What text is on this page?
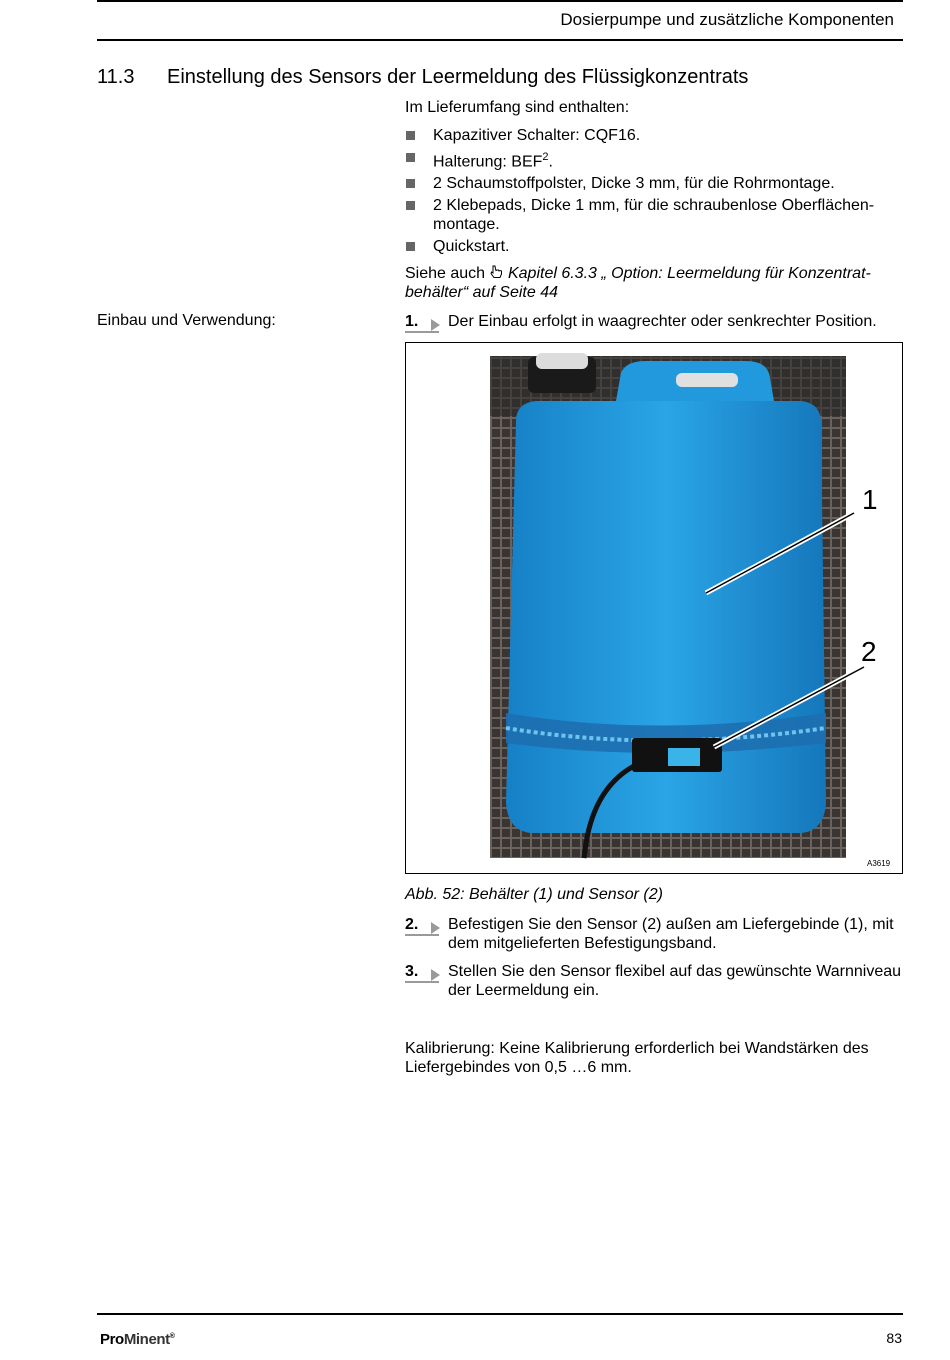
Dosierpumpe und zusätzliche Komponenten
11.3 Einstellung des Sensors der Leermeldung des Flüssigkonzentrats
Im Lieferumfang sind enthalten:
Kapazitiver Schalter: CQF16.
Halterung: BEF$^2$.
2 Schaumstoffpolster, Dicke 3 mm, für die Rohrmontage.
2 Klebepads, Dicke 1 mm, für die schraubenlose Oberflächen-montage.
Quickstart.
Siehe auch Kapitel 6.3.3 „ Option: Leermeldung für Konzentrat-
behälter“ auf Seite 44
Einbau und Verwendung:	1. Der Einbau erfolgt in waagrechter oder senkrechter Position.
1
2
A3619
Abb. 52: Behälter (1) und Sensor (2)
2. Befestigen Sie den Sensor (2) außen am Liefergebinde (1), mit dem mitgelieferten Befestigungsband.
3. Stellen Sie den Sensor flexibel auf das gewünschte Warnniveau der Leermeldung ein.
Kalibrierung: Keine Kalibrierung erforderlich bei Wandstärken des Liefergebindes von 0,5 …6 mm.
ProMinent®	83
